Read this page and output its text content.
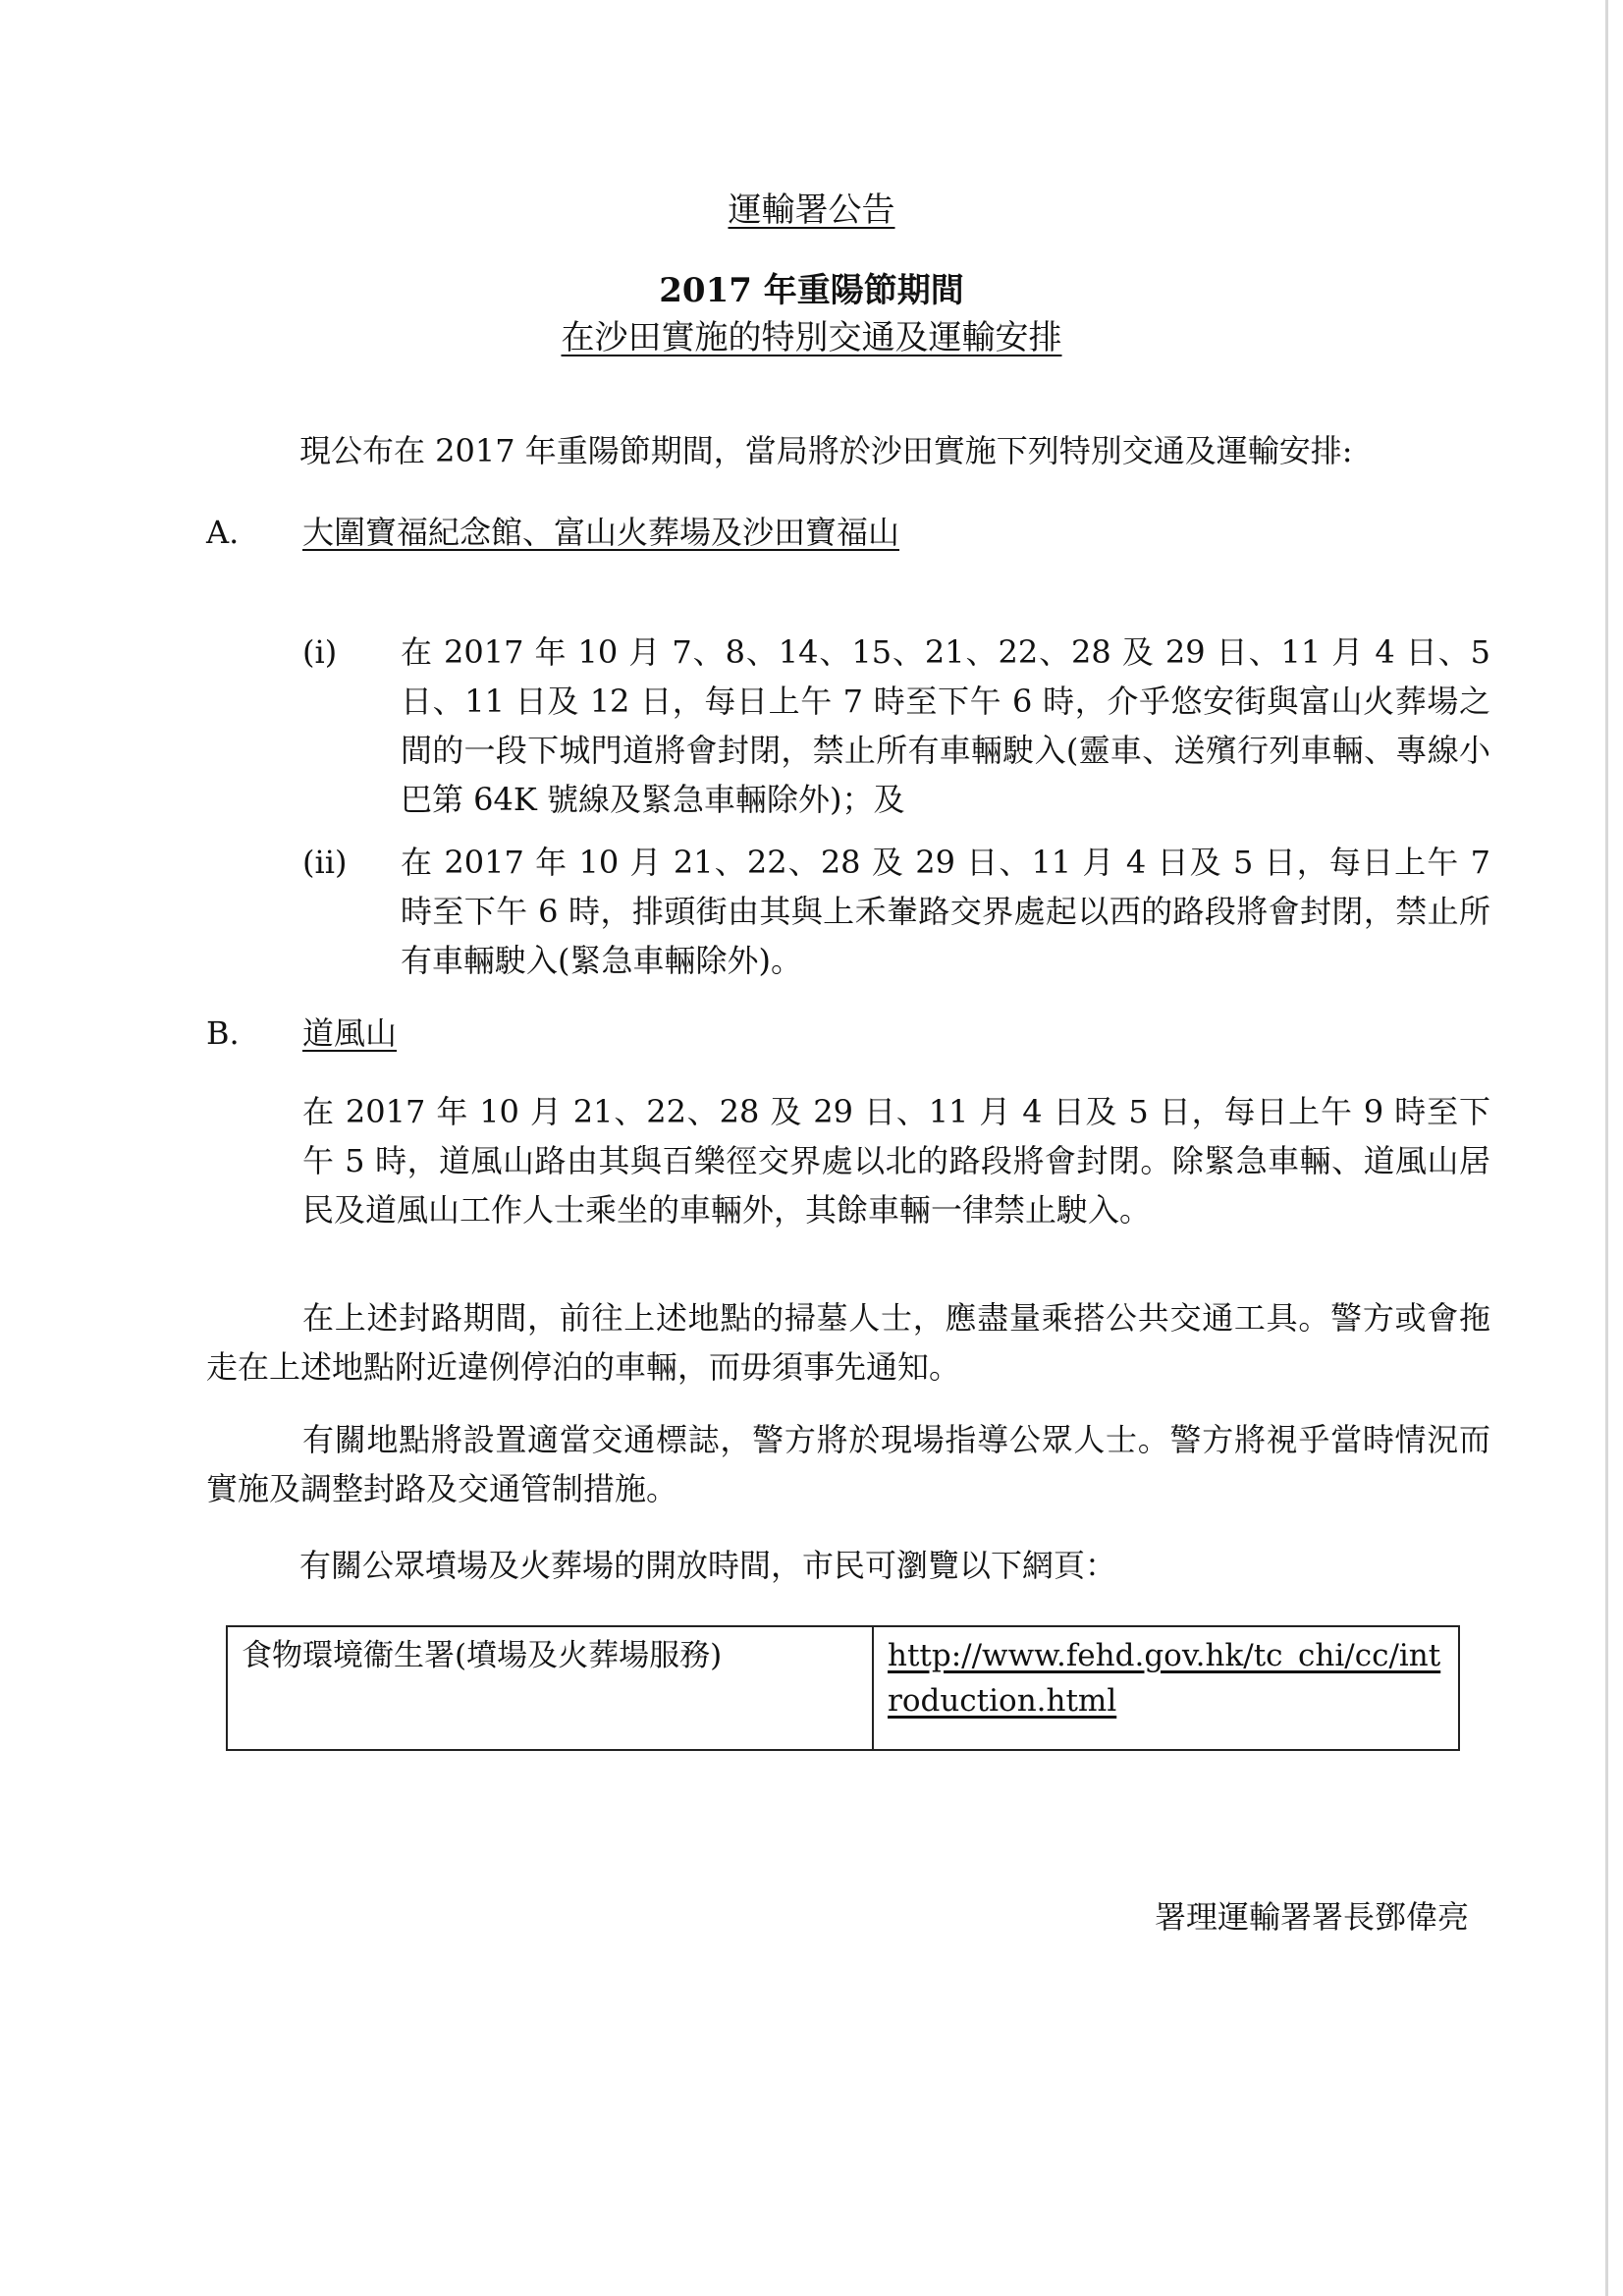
運輸署公告
2017 年重陽節期間
在沙田實施的特別交通及運輸安排
現公布在 2017 年重陽節期間，當局將於沙田實施下列特別交通及運輸安排:
A. 大圍寶福紀念館、富山火葬場及沙田寶福山
(i) 在 2017 年 10 月 7、8、14、15、21、22、28 及 29 日、11 月 4 日、5 日、11 日及 12 日，每日上午 7 時至下午 6 時，介乎悠安街與富山火葬場之間的一段下城門道將會封閉，禁止所有車輛駛入(靈車、送殯行列車輛、專線小巴第 64K 號線及緊急車輛除外)；及
(ii) 在 2017 年 10 月 21、22、28 及 29 日、11 月 4 日及 5 日，每日上午 7 時至下午 6 時，排頭街由其與上禾輋路交界處起以西的路段將會封閉，禁止所有車輛駛入(緊急車輛除外)。
B. 道風山
在 2017 年 10 月 21、22、28 及 29 日、11 月 4 日及 5 日，每日上午 9 時至下午 5 時，道風山路由其與百樂徑交界處以北的路段將會封閉。除緊急車輛、道風山居民及道風山工作人士乘坐的車輛外，其餘車輛一律禁止駛入。
在上述封路期間，前往上述地點的掃墓人士，應盡量乘搭公共交通工具。警方或會拖走在上述地點附近違例停泊的車輛，而毋須事先通知。
有關地點將設置適當交通標誌，警方將於現場指導公眾人士。警方將視乎當時情況而實施及調整封路及交通管制措施。
有關公眾墳場及火葬場的開放時間，市民可瀏覽以下網頁：
食物環境衞生署(墳場及火葬場服務)	http://www.fehd.gov.hk/tc_chi/cc/introduction.html
署理運輸署署長鄧偉亮
